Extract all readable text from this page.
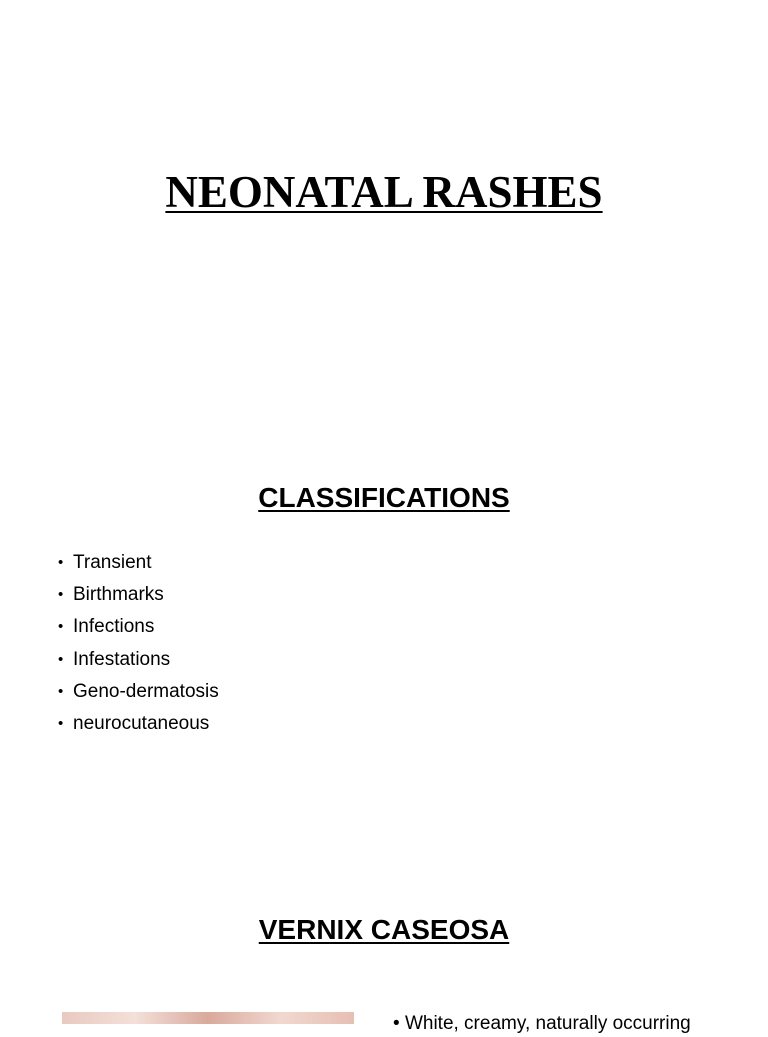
NEONATAL RASHES
CLASSIFICATIONS
• Transient
• Birthmarks
• Infections
• Infestations
• Geno-dermatosis
• neurocutaneous
VERNIX CASEOSA
• White, creamy, naturally occurring
